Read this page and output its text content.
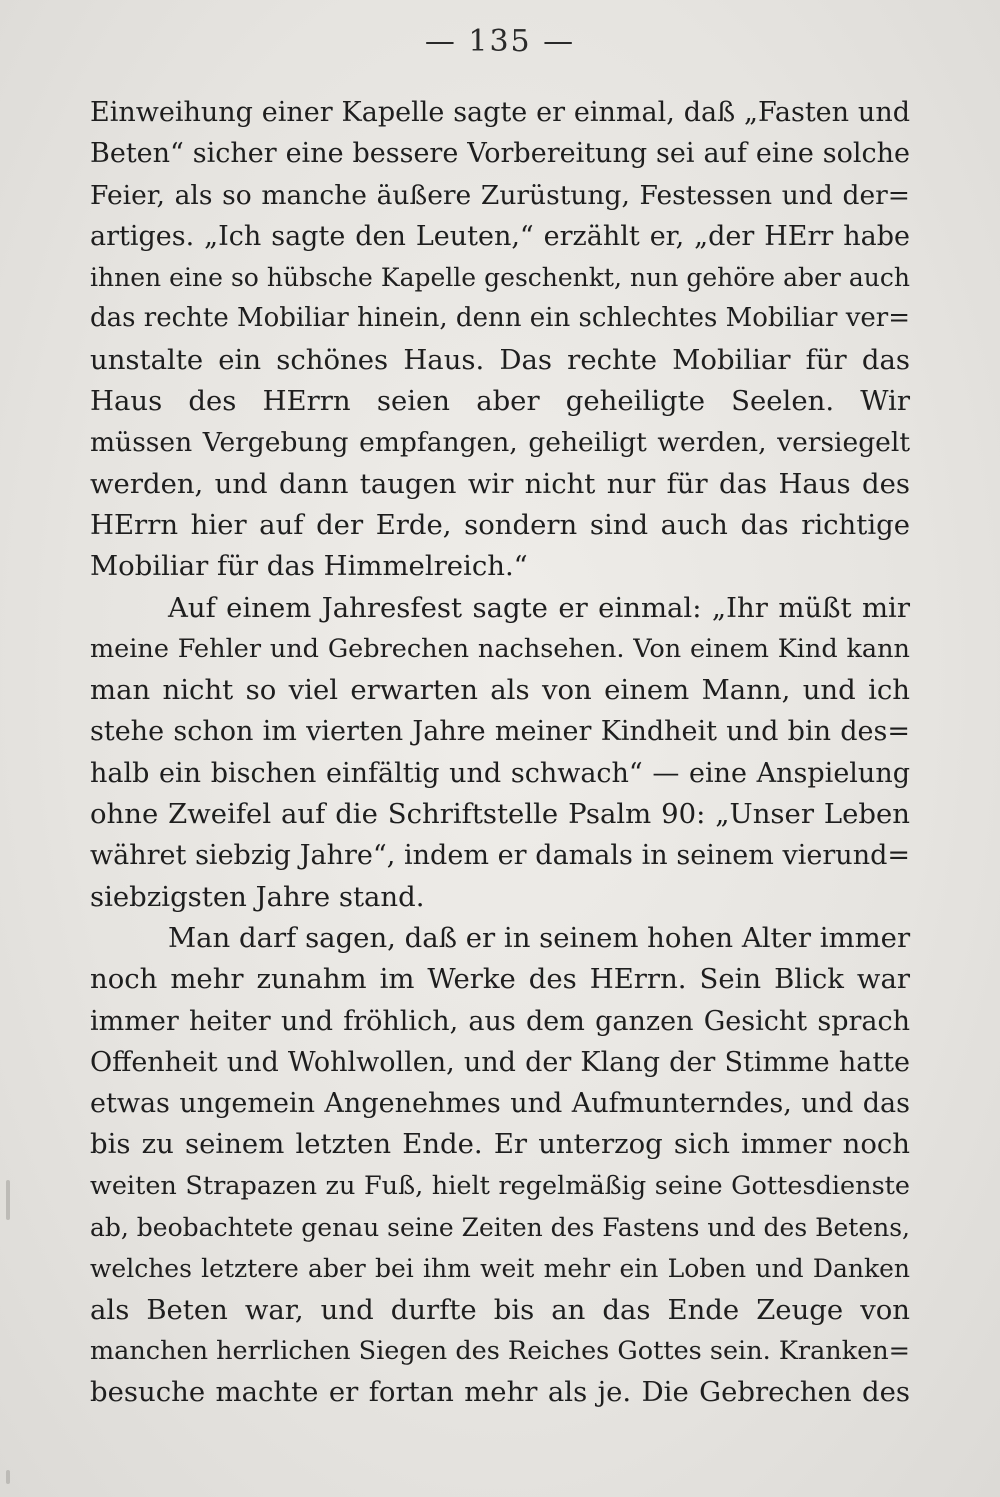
— 135 —
Einweihung einer Kapelle sagte er einmal, daß „Fasten und
Beten“ sicher eine bessere Vorbereitung sei auf eine solche
Feier, als so manche äußere Zurüstung, Festessen und der=
artiges. „Ich sagte den Leuten,“ erzählt er, „der HErr habe
ihnen eine so hübsche Kapelle geschenkt, nun gehöre aber auch
das rechte Mobiliar hinein, denn ein schlechtes Mobiliar ver=
unstalte ein schönes Haus. Das rechte Mobiliar für das
Haus des HErrn seien aber geheiligte Seelen. Wir
müssen Vergebung empfangen, geheiligt werden, versiegelt
werden, und dann taugen wir nicht nur für das Haus des
HErrn hier auf der Erde, sondern sind auch das richtige
Mobiliar für das Himmelreich.“
Auf einem Jahresfest sagte er einmal: „Ihr müßt mir
meine Fehler und Gebrechen nachsehen. Von einem Kind kann
man nicht so viel erwarten als von einem Mann, und ich
stehe schon im vierten Jahre meiner Kindheit und bin des=
halb ein bischen einfältig und schwach“ — eine Anspielung
ohne Zweifel auf die Schriftstelle Psalm 90: „Unser Leben
währet siebzig Jahre“, indem er damals in seinem vierund=
siebzigsten Jahre stand.
Man darf sagen, daß er in seinem hohen Alter immer
noch mehr zunahm im Werke des HErrn. Sein Blick war
immer heiter und fröhlich, aus dem ganzen Gesicht sprach
Offenheit und Wohlwollen, und der Klang der Stimme hatte
etwas ungemein Angenehmes und Aufmunterndes, und das
bis zu seinem letzten Ende. Er unterzog sich immer noch
weiten Strapazen zu Fuß, hielt regelmäßig seine Gottesdienste
ab, beobachtete genau seine Zeiten des Fastens und des Betens,
welches letztere aber bei ihm weit mehr ein Loben und Danken
als Beten war, und durfte bis an das Ende Zeuge von
manchen herrlichen Siegen des Reiches Gottes sein. Kranken=
besuche machte er fortan mehr als je. Die Gebrechen des
